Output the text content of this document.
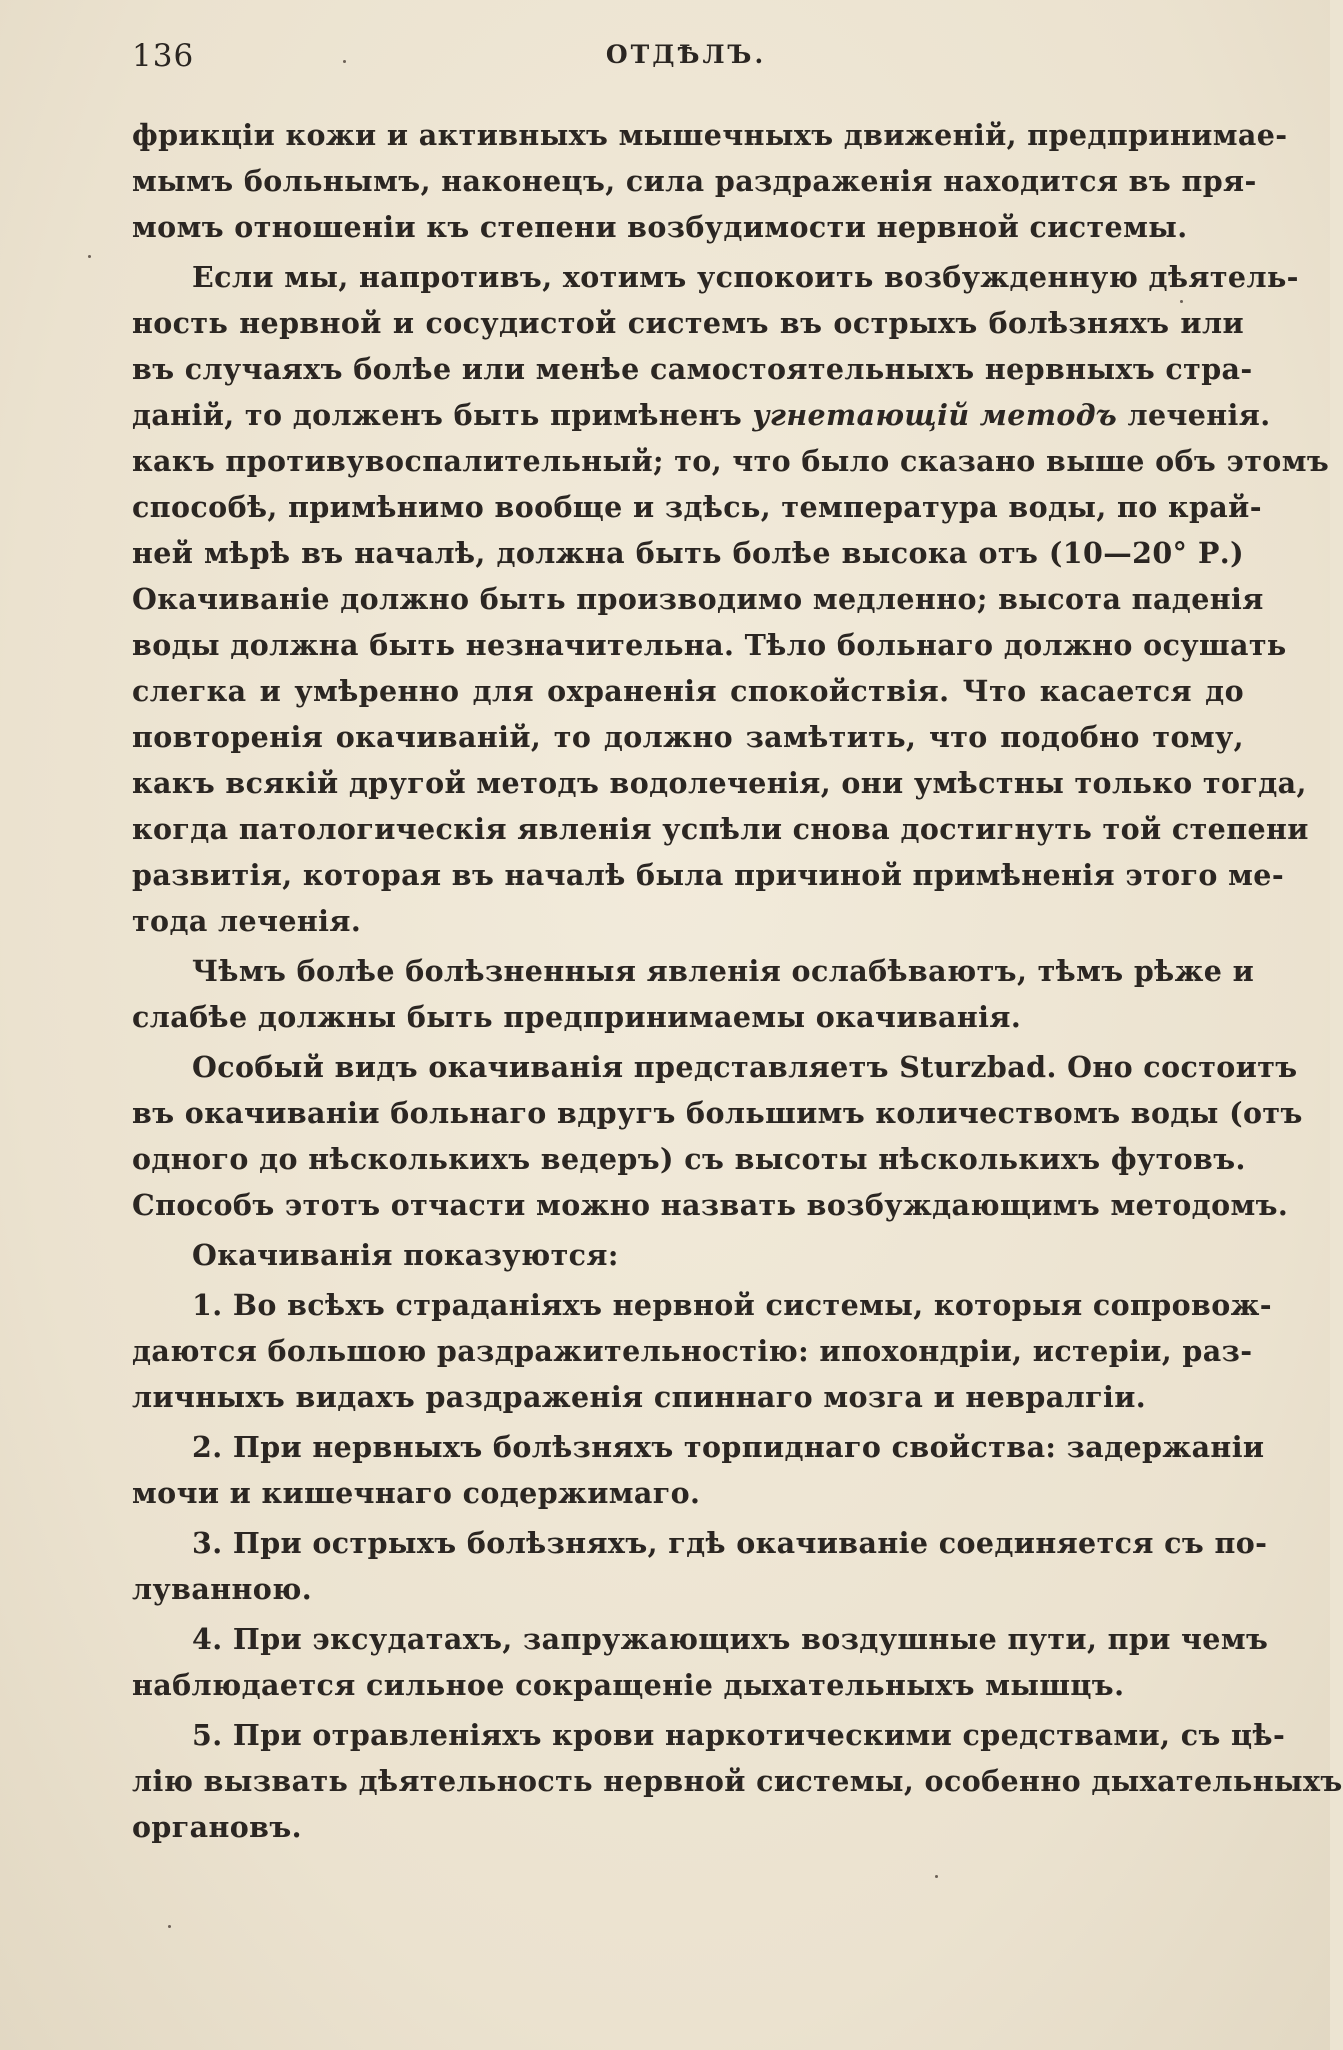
136	ОТДѢЛЪ.
фрикціи кожи и активныхъ мышечныхъ движеній, предпринимае-
мымъ больнымъ, наконецъ, сила раздраженія находится въ пря-
момъ отношеніи къ степени возбудимости нервной системы.
Если мы, напротивъ, хотимъ успокоить возбужденную дѣятель-
ность нервной и сосудистой системъ въ острыхъ болѣзняхъ или
въ случаяхъ болѣе или менѣе самостоятельныхъ нервныхъ стра-
даній, то долженъ быть примѣненъ угнетающій методъ леченія.
какъ противувоспалительный; то, что было сказано выше объ этомъ
способѣ, примѣнимо вообще и здѣсь, температура воды, по край-
ней мѣрѣ въ началѣ, должна быть болѣе высока отъ (10—20° Р.)
Окачиваніе должно быть производимо медленно; высота паденія
воды должна быть незначительна. Тѣло больнаго должно осушать
слегка и умѣренно для охраненія спокойствія. Что касается до
повторенія окачиваній, то должно замѣтить, что подобно тому,
какъ всякій другой методъ водолеченія, они умѣстны только тогда,
когда патологическія явленія успѣли снова достигнуть той степени
развитія, которая въ началѣ была причиной примѣненія этого ме-
тода леченія.
Чѣмъ болѣе болѣзненныя явленія ослабѣваютъ, тѣмъ рѣже и
слабѣе должны быть предпринимаемы окачиванія.
Особый видъ окачиванія представляетъ Sturzbad. Оно состоитъ
въ окачиваніи больнаго вдругъ большимъ количествомъ воды (отъ
одного до нѣсколькихъ ведеръ) съ высоты нѣсколькихъ футовъ.
Способъ этотъ отчасти можно назвать возбуждающимъ методомъ.
Окачиванія показуются:
1. Во всѣхъ страданіяхъ нервной системы, которыя сопровож-
даются большою раздражительностію: ипохондріи, истеріи, раз-
личныхъ видахъ раздраженія спиннаго мозга и невралгіи.
2. При нервныхъ болѣзняхъ торпиднаго свойства: задержаніи
мочи и кишечнаго содержимаго.
3. При острыхъ болѣзняхъ, гдѣ окачиваніе соединяется съ по-
луванною.
4. При эксудатахъ, запружающихъ воздушные пути, при чемъ
наблюдается сильное сокращеніе дыхательныхъ мышцъ.
5. При отравленіяхъ крови наркотическими средствами, съ цѣ-
лію вызвать дѣятельность нервной системы, особенно дыхательныхъ
органовъ.
